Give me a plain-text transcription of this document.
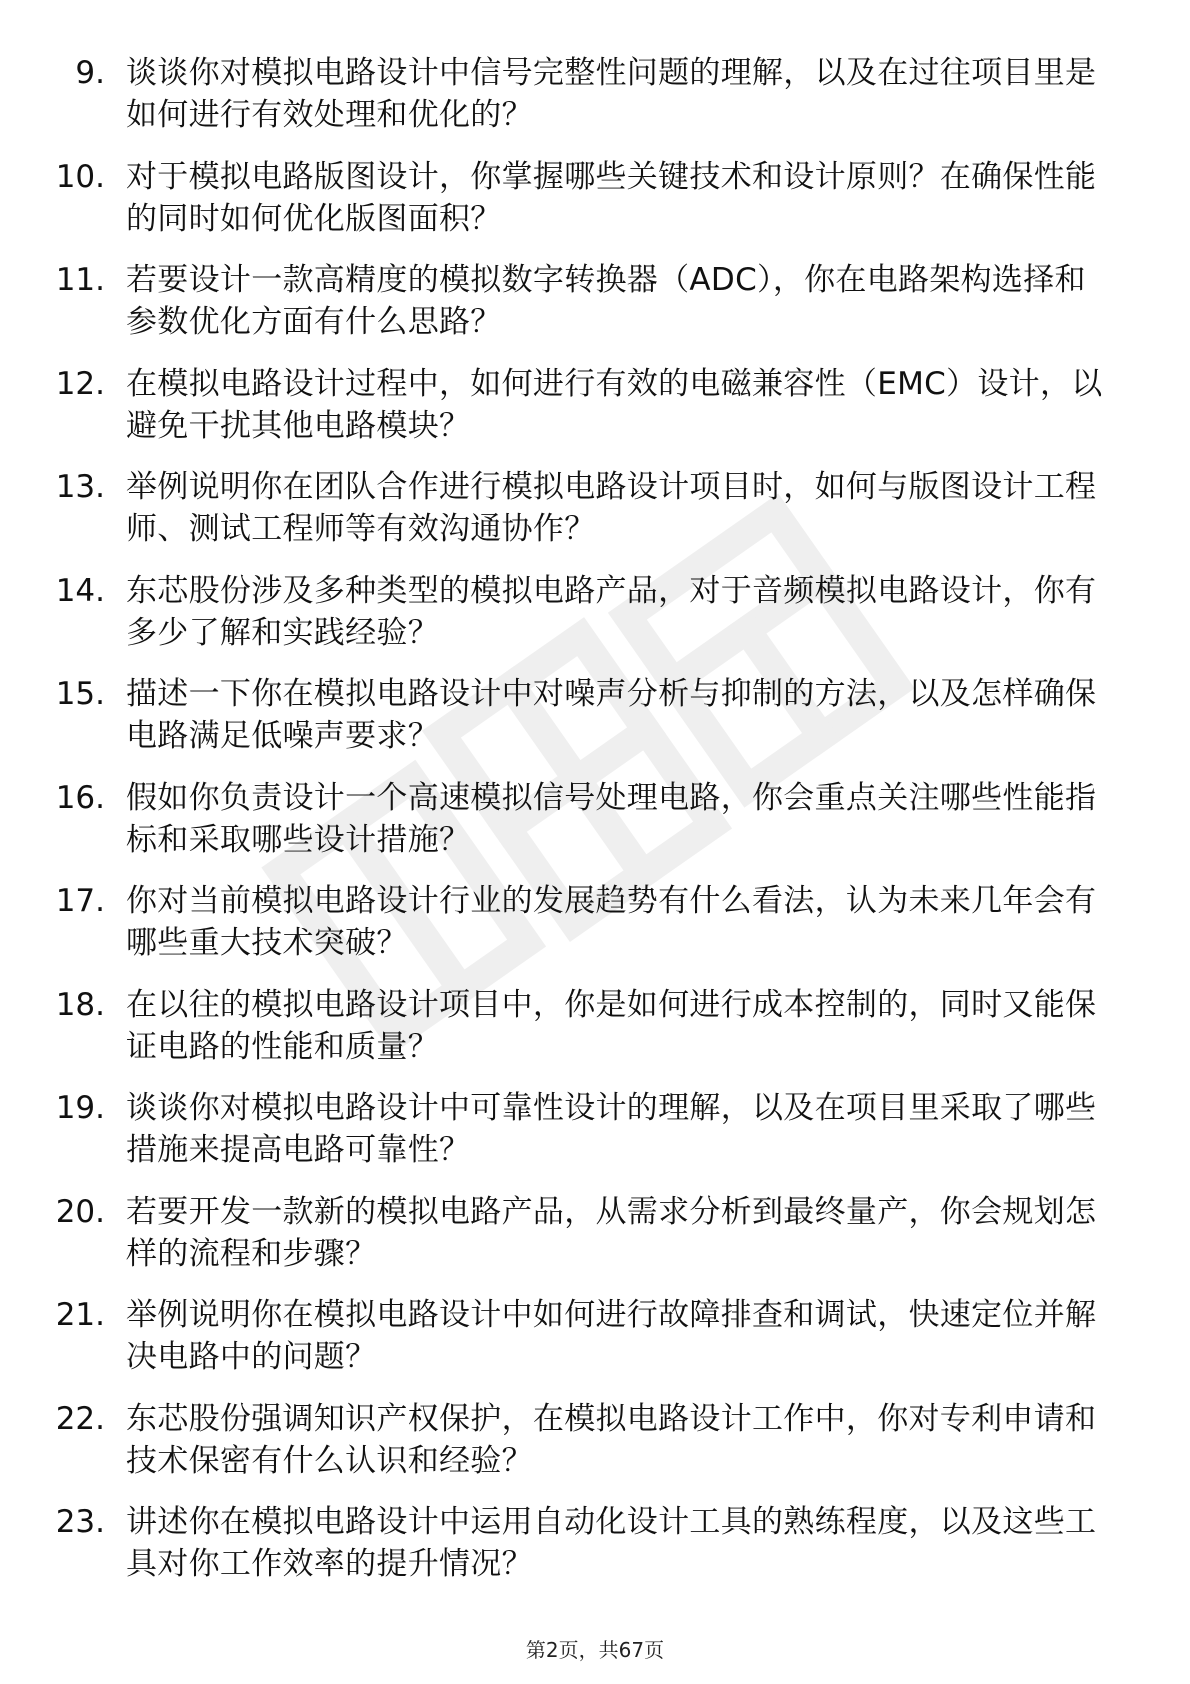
9. 谈谈你对模拟电路设计中信号完整性问题的理解，以及在过往项目里是如何进行有效处理和优化的？
10. 对于模拟电路版图设计，你掌握哪些关键技术和设计原则？在确保性能的同时如何优化版图面积？
11. 若要设计一款高精度的模拟数字转换器（ADC），你在电路架构选择和参数优化方面有什么思路？
12. 在模拟电路设计过程中，如何进行有效的电磁兼容性（EMC）设计，以避免干扰其他电路模块？
13. 举例说明你在团队合作进行模拟电路设计项目时，如何与版图设计工程师、测试工程师等有效沟通协作？
14. 东芯股份涉及多种类型的模拟电路产品，对于音频模拟电路设计，你有多少了解和实践经验？
15. 描述一下你在模拟电路设计中对噪声分析与抑制的方法，以及怎样确保电路满足低噪声要求？
16. 假如你负责设计一个高速模拟信号处理电路，你会重点关注哪些性能指标和采取哪些设计措施？
17. 你对当前模拟电路设计行业的发展趋势有什么看法，认为未来几年会有哪些重大技术突破？
18. 在以往的模拟电路设计项目中，你是如何进行成本控制的，同时又能保证电路的性能和质量？
19. 谈谈你对模拟电路设计中可靠性设计的理解，以及在项目里采取了哪些措施来提高电路可靠性？
20. 若要开发一款新的模拟电路产品，从需求分析到最终量产，你会规划怎样的流程和步骤？
21. 举例说明你在模拟电路设计中如何进行故障排查和调试，快速定位并解决电路中的问题？
22. 东芯股份强调知识产权保护，在模拟电路设计工作中，你对专利申请和技术保密有什么认识和经验？
23. 讲述你在模拟电路设计中运用自动化设计工具的熟练程度，以及这些工具对你工作效率的提升情况？
第2页，共67页
